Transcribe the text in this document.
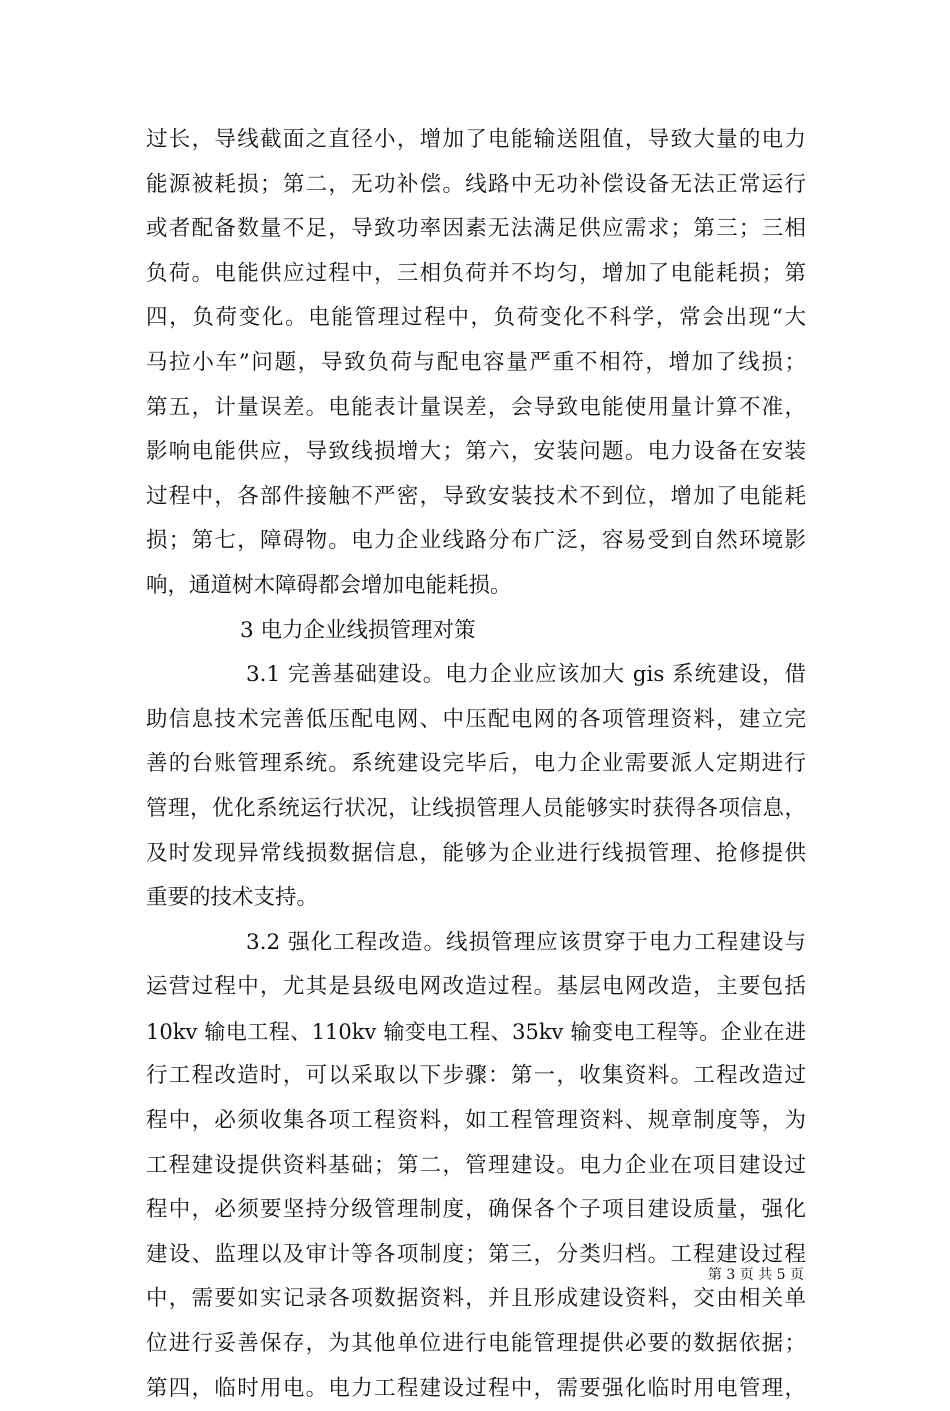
过长，导线截面之直径小，增加了电能输送阻值，导致大量的电力
能源被耗损；第二，无功补偿。线路中无功补偿设备无法正常运行
或者配备数量不足，导致功率因素无法满足供应需求；第三；三相
负荷。电能供应过程中，三相负荷并不均匀，增加了电能耗损；第
四，负荷变化。电能管理过程中，负荷变化不科学，常会出现“大
马拉小车”问题，导致负荷与配电容量严重不相符，增加了线损；
第五，计量误差。电能表计量误差，会导致电能使用量计算不准，
影响电能供应，导致线损增大；第六，安装问题。电力设备在安装
过程中，各部件接触不严密，导致安装技术不到位，增加了电能耗
损；第七，障碍物。电力企业线路分布广泛，容易受到自然环境影
响，通道树木障碍都会增加电能耗损。
3 电力企业线损管理对策
3.1 完善基础建设。电力企业应该加大 gis 系统建设，借
助信息技术完善低压配电网、中压配电网的各项管理资料，建立完
善的台账管理系统。系统建设完毕后，电力企业需要派人定期进行
管理，优化系统运行状况，让线损管理人员能够实时获得各项信息，
及时发现异常线损数据信息，能够为企业进行线损管理、抢修提供
重要的技术支持。
3.2 强化工程改造。线损管理应该贯穿于电力工程建设与
运营过程中，尤其是县级电网改造过程。基层电网改造，主要包括
10kv 输电工程、110kv 输变电工程、35kv 输变电工程等。企业在进
行工程改造时，可以采取以下步骤：第一，收集资料。工程改造过
程中，必须收集各项工程资料，如工程管理资料、规章制度等，为
工程建设提供资料基础；第二，管理建设。电力企业在项目建设过
程中，必须要坚持分级管理制度，确保各个子项目建设质量，强化
建设、监理以及审计等各项制度；第三，分类归档。工程建设过程
中，需要如实记录各项数据资料，并且形成建设资料，交由相关单
位进行妥善保存，为其他单位进行电能管理提供必要的数据依据；
第四，临时用电。电力工程建设过程中，需要强化临时用电管理，
第 3 页 共 5 页
